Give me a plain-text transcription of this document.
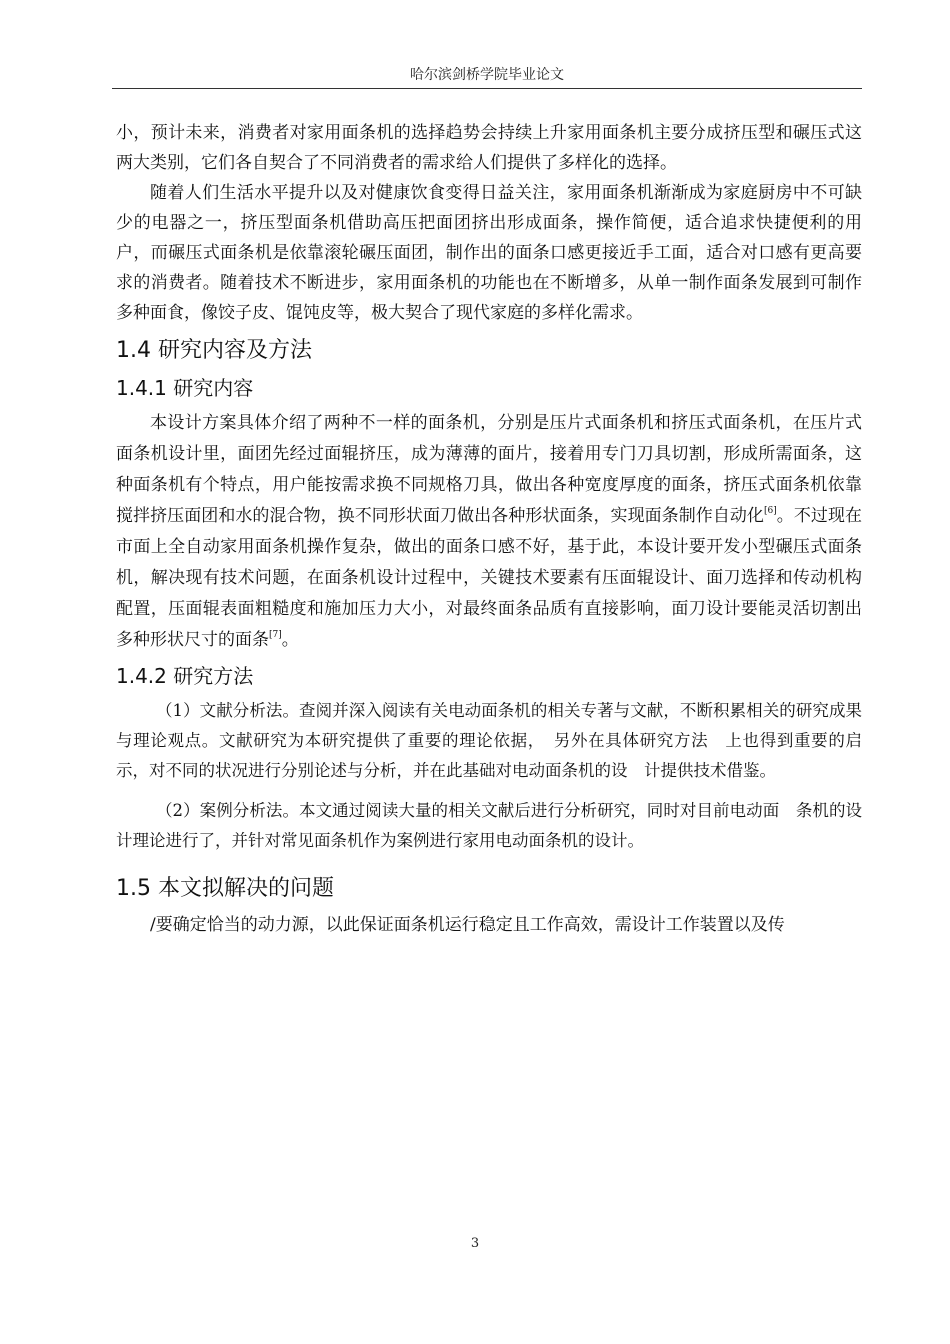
哈尔滨剑桥学院毕业论文

小，预计未来，消费者对家用面条机的选择趋势会持续上升家用面条机主要分成挤压型和碾压式这两大类别，它们各自契合了不同消费者的需求给人们提供了多样化的选择。

随着人们生活水平提升以及对健康饮食变得日益关注，家用面条机渐渐成为家庭厨房中不可缺少的电器之一，挤压型面条机借助高压把面团挤出形成面条，操作简便，适合追求快捷便利的用户，而碾压式面条机是依靠滚轮碾压面团，制作出的面条口感更接近手工面，适合对口感有更高要求的消费者。随着技术不断进步，家用面条机的功能也在不断增多，从单一制作面条发展到可制作多种面食，像饺子皮、馄饨皮等，极大契合了现代家庭的多样化需求。

1.4 研究内容及方法
1.4.1 研究内容

本设计方案具体介绍了两种不一样的面条机，分别是压片式面条机和挤压式面条机，在压片式面条机设计里，面团先经过面辊挤压，成为薄薄的面片，接着用专门刀具切割，形成所需面条，这种面条机有个特点，用户能按需求换不同规格刀具，做出各种宽度厚度的面条，挤压式面条机依靠搅拌挤压面团和水的混合物，换不同形状面刀做出各种形状面条，实现面条制作自动化[6]。不过现在市面上全自动家用面条机操作复杂，做出的面条口感不好，基于此，本设计要开发小型碾压式面条机，解决现有技术问题，在面条机设计过程中，关键技术要素有压面辊设计、面刀选择和传动机构配置，压面辊表面粗糙度和施加压力大小，对最终面条品质有直接影响，面刀设计要能灵活切割出多种形状尺寸的面条[7]。

1.4.2 研究方法

（1）文献分析法。查阅并深入阅读有关电动面条机的相关专著与文献，不断积累相关的研究成果与理论观点。文献研究为本研究提供了重要的理论依据，　另外在具体研究方法　上也得到重要的启示，对不同的状况进行分别论述与分析，并在此基础对电动面条机的设　计提供技术借鉴。

（2）案例分析法。本文通过阅读大量的相关文献后进行分析研究，同时对目前电动面　条机的设计理论进行了，并针对常见面条机作为案例进行家用电动面条机的设计。

1.5 本文拟解决的问题

/要确定恰当的动力源，以此保证面条机运行稳定且工作高效，需设计工作装置以及传

3
